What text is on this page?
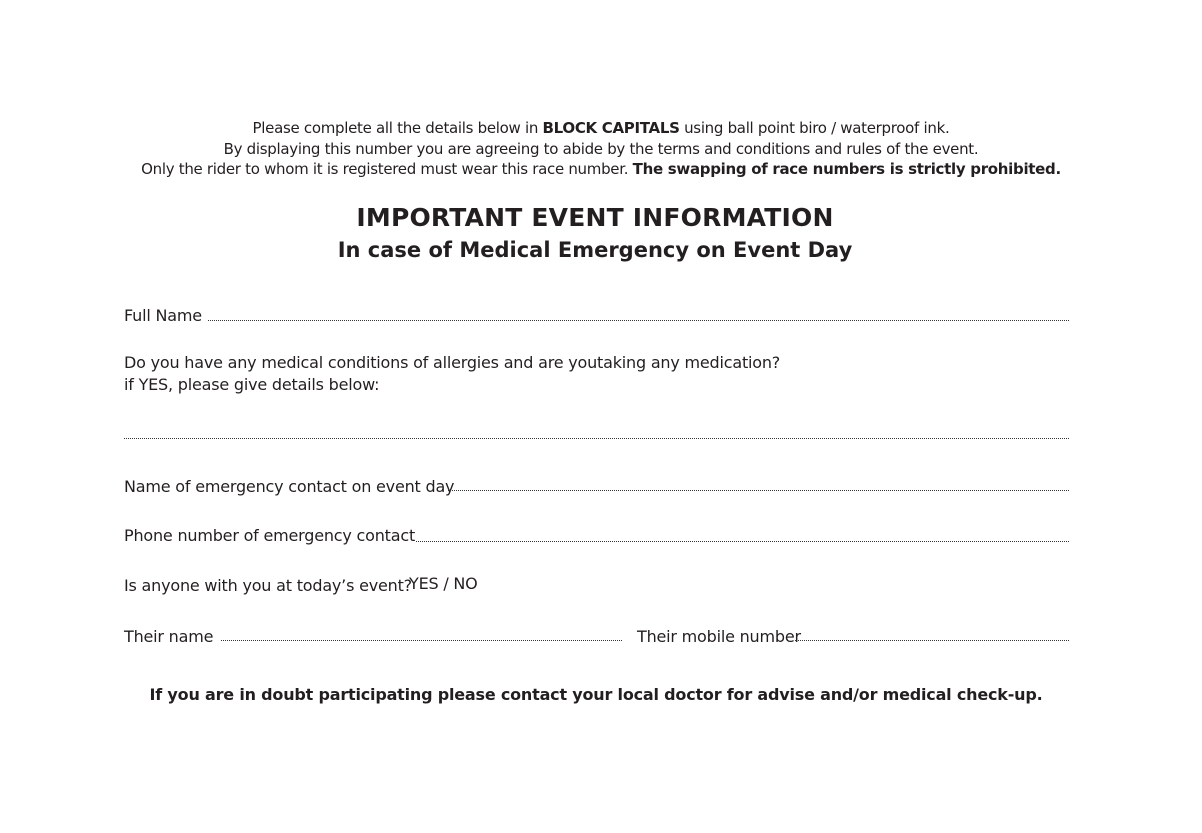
Please complete all the details below in BLOCK CAPITALS using ball point biro / waterproof ink.
By displaying this number you are agreeing to abide by the terms and conditions and rules of the event.
Only the rider to whom it is registered must wear this race number. The swapping of race numbers is strictly prohibited.
IMPORTANT EVENT INFORMATION
In case of Medical Emergency on Event Day
Full Name
Do you have any medical conditions of allergies and are youtaking any medication?
if YES, please give details below:
Name of emergency contact on event day
Phone number of emergency contact
Is anyone with you at today’s event?
YES / NO
Their name	Their mobile number
If you are in doubt participating please contact your local doctor for advise and/or medical check-up.
